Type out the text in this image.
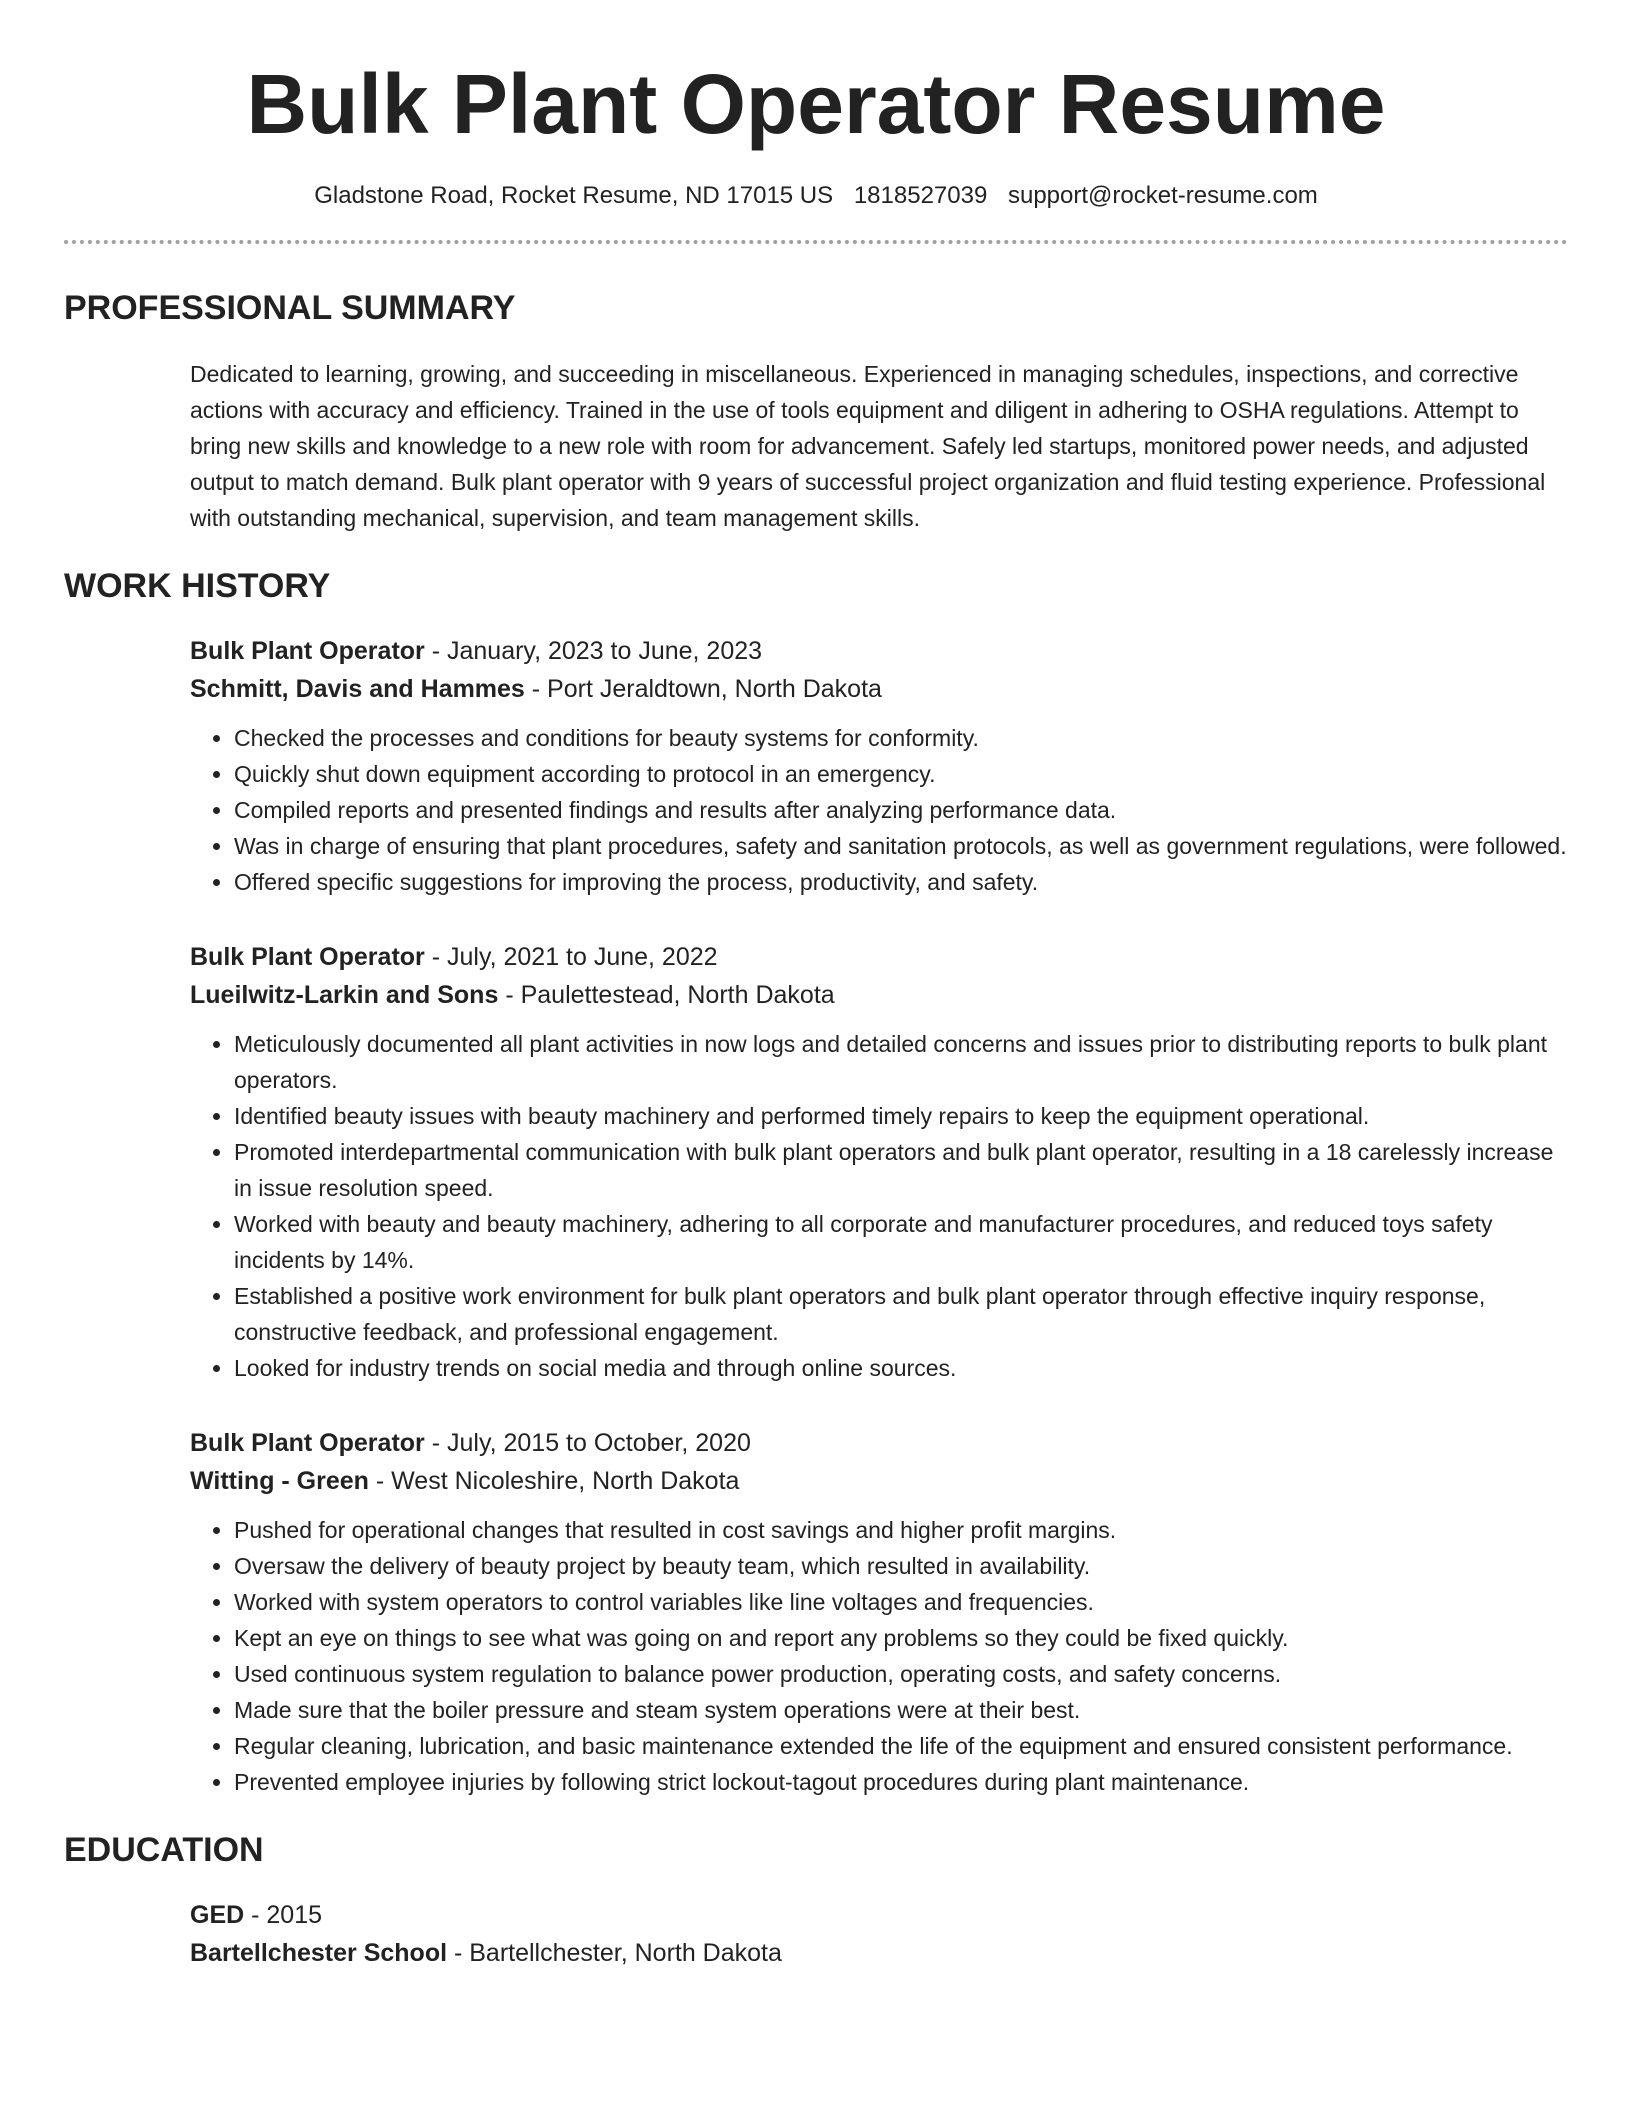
Bulk Plant Operator Resume
Gladstone Road, Rocket Resume, ND 17015 US 1818527039 support@rocket-resume.com
PROFESSIONAL SUMMARY
Dedicated to learning, growing, and succeeding in miscellaneous. Experienced in managing schedules, inspections, and corrective actions with accuracy and efficiency. Trained in the use of tools equipment and diligent in adhering to OSHA regulations. Attempt to bring new skills and knowledge to a new role with room for advancement. Safely led startups, monitored power needs, and adjusted output to match demand. Bulk plant operator with 9 years of successful project organization and fluid testing experience. Professional with outstanding mechanical, supervision, and team management skills.
WORK HISTORY
Bulk Plant Operator - January, 2023 to June, 2023
Schmitt, Davis and Hammes - Port Jeraldtown, North Dakota
• Checked the processes and conditions for beauty systems for conformity.
• Quickly shut down equipment according to protocol in an emergency.
• Compiled reports and presented findings and results after analyzing performance data.
• Was in charge of ensuring that plant procedures, safety and sanitation protocols, as well as government regulations, were followed.
• Offered specific suggestions for improving the process, productivity, and safety.
Bulk Plant Operator - July, 2021 to June, 2022
Lueilwitz-Larkin and Sons - Paulettestead, North Dakota
• Meticulously documented all plant activities in now logs and detailed concerns and issues prior to distributing reports to bulk plant operators.
• Identified beauty issues with beauty machinery and performed timely repairs to keep the equipment operational.
• Promoted interdepartmental communication with bulk plant operators and bulk plant operator, resulting in a 18 carelessly increase in issue resolution speed.
• Worked with beauty and beauty machinery, adhering to all corporate and manufacturer procedures, and reduced toys safety incidents by 14%.
• Established a positive work environment for bulk plant operators and bulk plant operator through effective inquiry response, constructive feedback, and professional engagement.
• Looked for industry trends on social media and through online sources.
Bulk Plant Operator - July, 2015 to October, 2020
Witting - Green - West Nicoleshire, North Dakota
• Pushed for operational changes that resulted in cost savings and higher profit margins.
• Oversaw the delivery of beauty project by beauty team, which resulted in availability.
• Worked with system operators to control variables like line voltages and frequencies.
• Kept an eye on things to see what was going on and report any problems so they could be fixed quickly.
• Used continuous system regulation to balance power production, operating costs, and safety concerns.
• Made sure that the boiler pressure and steam system operations were at their best.
• Regular cleaning, lubrication, and basic maintenance extended the life of the equipment and ensured consistent performance.
• Prevented employee injuries by following strict lockout-tagout procedures during plant maintenance.
EDUCATION
GED - 2015
Bartellchester School - Bartellchester, North Dakota
